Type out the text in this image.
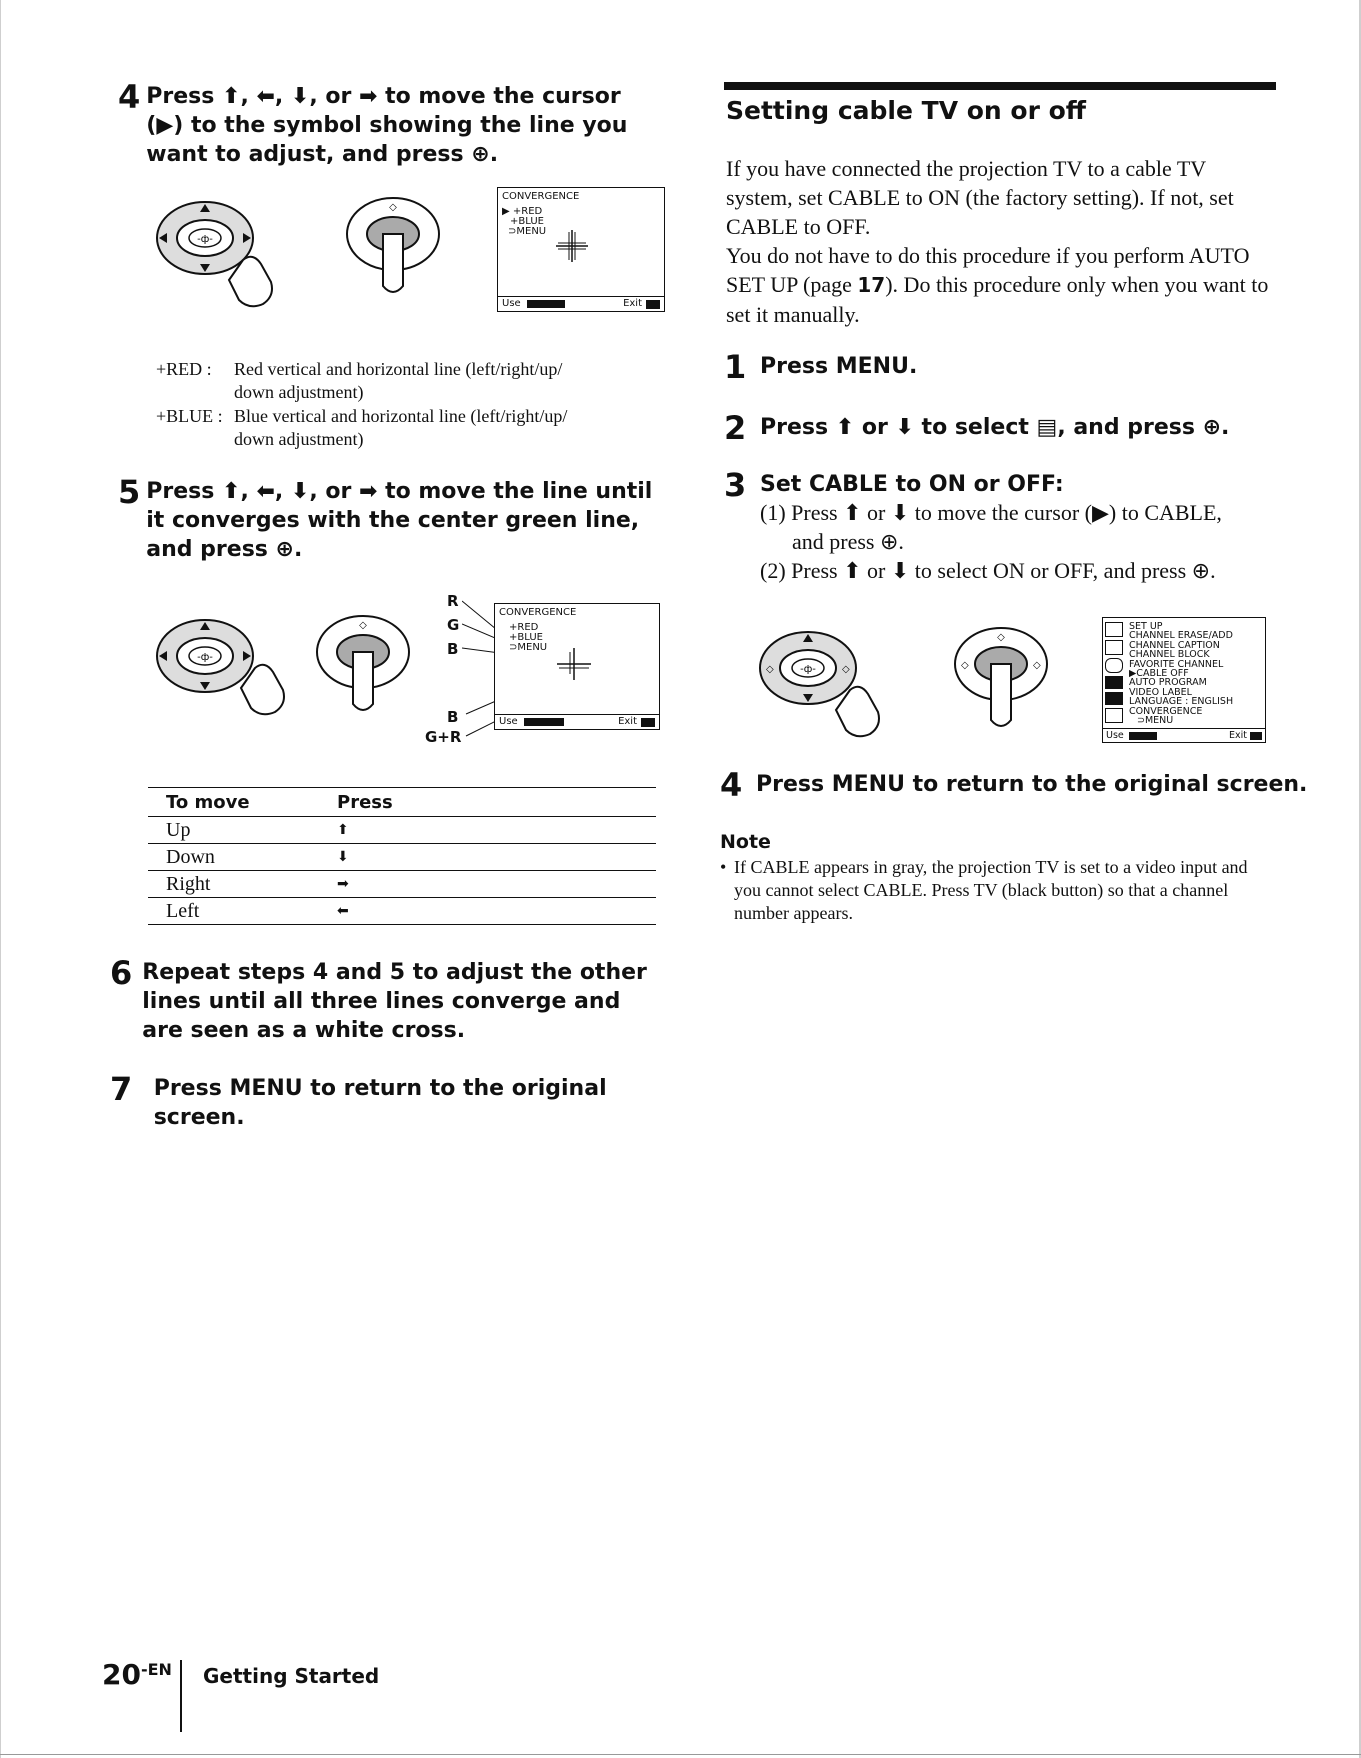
4 Press ⬆, ⬅, ⬇, or ➡ to move the cursor (▶) to the symbol showing the line you want to adjust, and press ⊕.
-ф-
◇
CONVERGENCE
▶ +RED
+BLUE
⊃MENU
Use	Exit
+RED :	Red vertical and horizontal line (left/right/up/
down adjustment)
+BLUE : Blue vertical and horizontal line (left/right/up/
down adjustment)
5 Press ⬆, ⬅, ⬇, or ➡ to move the line until it converges with the center green line, and press ⊕.
-ф-
◇
R
G
B
B
G+R
CONVERGENCE
+RED
+BLUE
⊃MENU
Use	Exit
To move	Press
Up	⬆
Down	⬇
Right	➡
Left	⬅
6 Repeat steps 4 and 5 to adjust the other lines until all three lines converge and are seen as a white cross.
7 Press MENU to return to the original screen.
Setting cable TV on or off
If you have connected the projection TV to a cable TV system, set CABLE to ON (the factory setting). If not, set CABLE to OFF.
You do not have to do this procedure if you perform AUTO SET UP (page 17). Do this procedure only when you want to set it manually.
1 Press MENU.
2 Press ⬆ or ⬇ to select ▤, and press ⊕.
3 Set CABLE to ON or OFF:
(1) Press ⬆ or ⬇ to move the cursor (▶) to CABLE,
and press ⊕.
(2) Press ⬆ or ⬇ to select ON or OFF, and press ⊕.
-ф-
◇	◇
◇
◇	◇
SET UP
CHANNEL ERASE/ADD
CHANNEL CAPTION
CHANNEL BLOCK
FAVORITE CHANNEL
▶CABLE OFF
AUTO PROGRAM
VIDEO LABEL
LANGUAGE : ENGLISH
CONVERGENCE
⊃MENU
Use	Exit
4 Press MENU to return to the original screen.
Note
• If CABLE appears in gray, the projection TV is set to a video input and you cannot select CABLE. Press TV (black button) so that a channel number appears.
20-EN Getting Started
